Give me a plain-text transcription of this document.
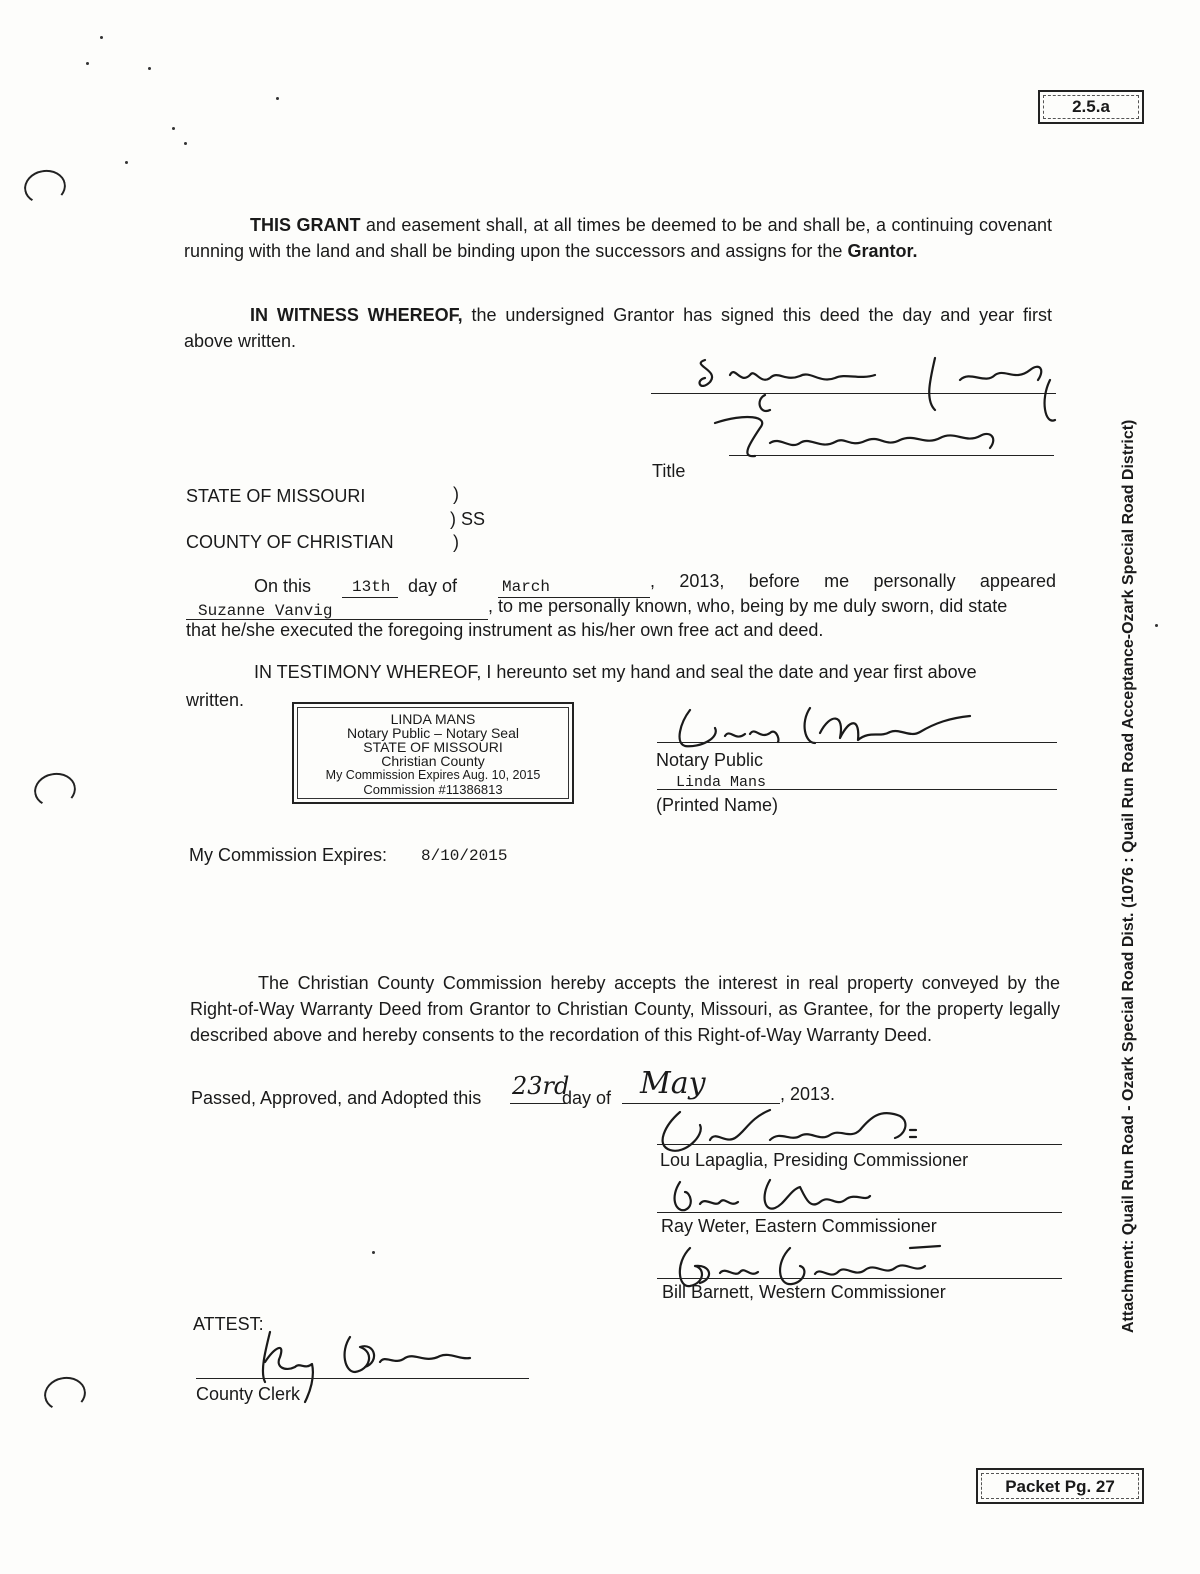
2.5.a
THIS GRANT and easement shall, at all times be deemed to be and shall be, a continuing covenant running with the land and shall be binding upon the successors and assigns for the Grantor.
IN WITNESS WHEREOF, the undersigned Grantor has signed this deed the day and year first above written.
Title
STATE OF MISSOURI	)
) SS
COUNTY OF CHRISTIAN	)
On this	13th day of	March	, 2013, before me personally appeared
Suzanne Vanvig	, to me personally known, who, being by me duly sworn, did state
that he/she executed the foregoing instrument as his/her own free act and deed.
IN TESTIMONY WHEREOF, I hereunto set my hand and seal the date and year first above
written.
LINDA MANS
Notary Public – Notary Seal
STATE OF MISSOURI
Christian County
My Commission Expires Aug. 10, 2015
Commission #11386813
Notary Public
Linda Mans
(Printed Name)
My Commission Expires: 8/10/2015
The Christian County Commission hereby accepts the interest in real property conveyed by the Right-of-Way Warranty Deed from Grantor to Christian County, Missouri, as Grantee, for the property legally described above and hereby consents to the recordation of this Right-of-Way Warranty Deed.
Passed, Approved, and Adopted this 23rd
day of May	, 2013.
Lou Lapaglia, Presiding Commissioner
Ray Weter, Eastern Commissioner
Bill Barnett, Western Commissioner
ATTEST:
County Clerk
Attachment: Quail Run Road - Ozark Special Road Dist. (1076 : Quail Run Road Acceptance-Ozark Special Road District)
Packet Pg. 27
